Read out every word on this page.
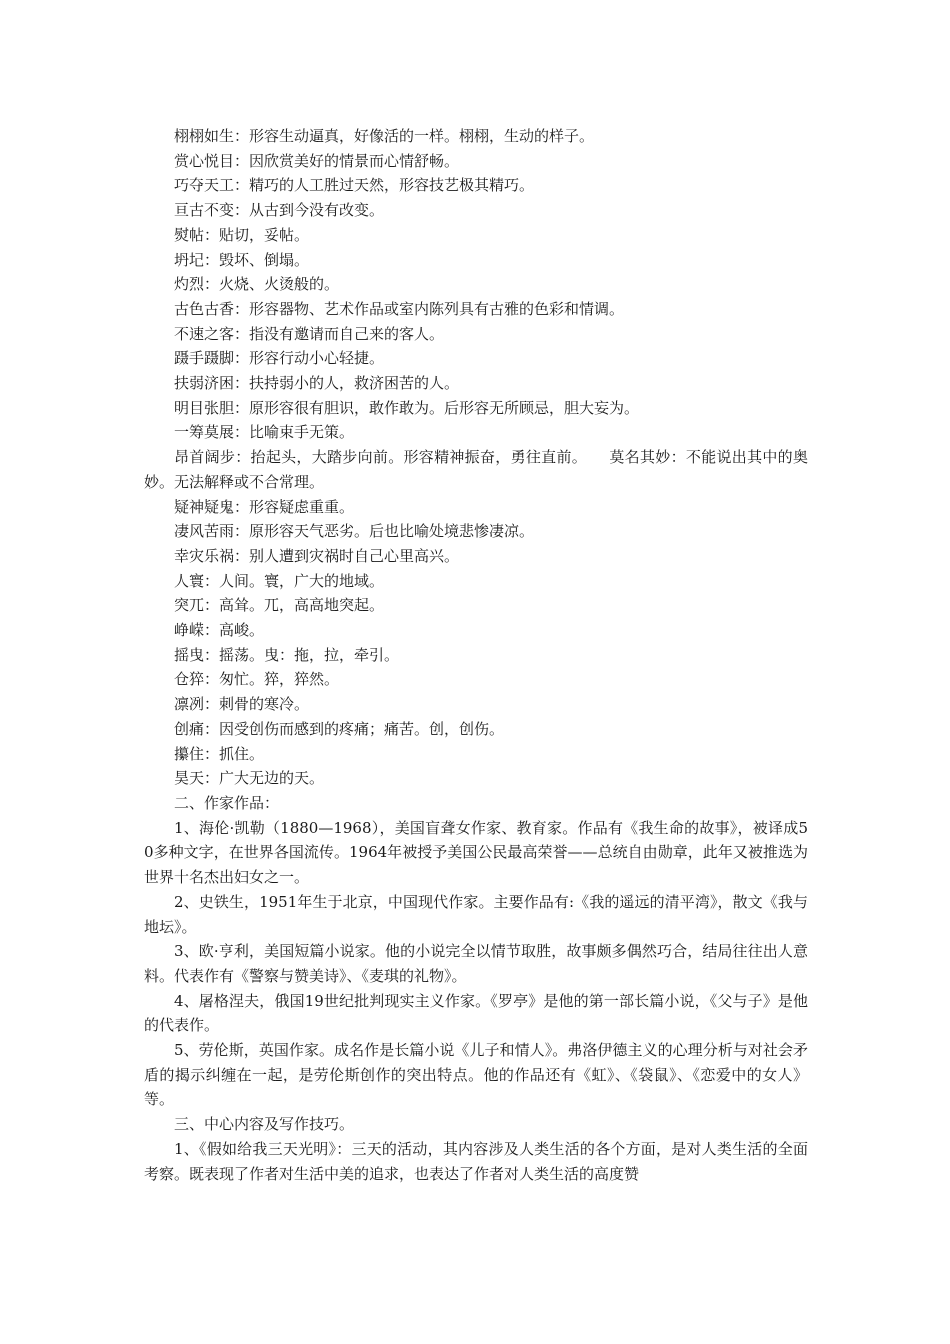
栩栩如生 ： 形容生动逼真，好像活的一样。栩栩，生动的样子。

赏心悦目 ： 因欣赏美好的情景而心情舒畅。

巧夺天工 ： 精巧的人工胜过天然，形容技艺极其精巧。

亘古不变 ： 从古到今没有改变。

熨帖 ： 贴切，妥帖。

坍圮 ： 毁坏、倒塌。

灼烈 ： 火烧、火烫般的。

古色古香 ： 形容器物、艺术作品或室内陈列具有古雅的色彩和情调。

不速之客 ： 指没有邀请而自己来的客人。

蹑手蹑脚 ： 形容行动小心轻捷。

扶弱济困 ： 扶持弱小的人，救济困苦的人。

明目张胆 ： 原形容很有胆识，敢作敢为。后形容无所顾忌，胆大妄为。

一筹莫展 ： 比喻束手无策。

昂首阔步 ： 抬起头，大踏步向前。形容精神振奋，勇往直前。 莫名其妙 ： 不能说出其中的奥妙。无法解释或不合常理。

疑神疑鬼 ： 形容疑虑重重。

凄风苦雨 ： 原形容天气恶劣。后也比喻处境悲惨凄凉。

幸灾乐祸 ： 别人遭到灾祸时自己心里高兴。

人寰 ： 人间。寰，广大的地域。

突兀 ： 高耸。兀，高高地突起。

峥嵘 ： 高峻。

摇曳 ： 摇荡。曳：拖，拉，牵引。

仓猝 ： 匆忙。猝，猝然。

凛冽 ： 刺骨的寒冷。

创痛 ： 因受创伤而感到的疼痛；痛苦。创，创伤。

攥住 ： 抓住。

昊天 ： 广大无边的天。

二、作家作品：

1、海伦·凯勒（1880—1968），美国盲聋女作家、教育家。作品有《我生命的故事》，被译成50多种文字，在世界各国流传。1964年被授予美国公民最高荣誉——总统自由勋章，此年又被推选为世界十名杰出妇女之一。

2、史铁生，1951年生于北京，中国现代作家。主要作品有:《我的遥远的清平湾》，散文《我与地坛》。

3、欧·亨利，美国短篇小说家。他的小说完全以情节取胜，故事颇多偶然巧合，结局往往出人意料。代表作有《警察与赞美诗》、《麦琪的礼物》。

4、屠格涅夫，俄国19世纪批判现实主义作家。《罗亭》是他的第一部长篇小说，《父与子》是他的代表作。

5、劳伦斯，英国作家。成名作是长篇小说《儿子和情人》。弗洛伊德主义的心理分析与对社会矛盾的揭示纠缠在一起，是劳伦斯创作的突出特点。他的作品还有《虹》、《袋鼠》、《恋爱中的女人》等。

三、中心内容及写作技巧。

1、《假如给我三天光明》：三天的活动，其内容涉及人类生活的各个方面，是对人类生活的全面考察。既表现了作者对生活中美的追求，也表达了作者对人类生活的高度赞
